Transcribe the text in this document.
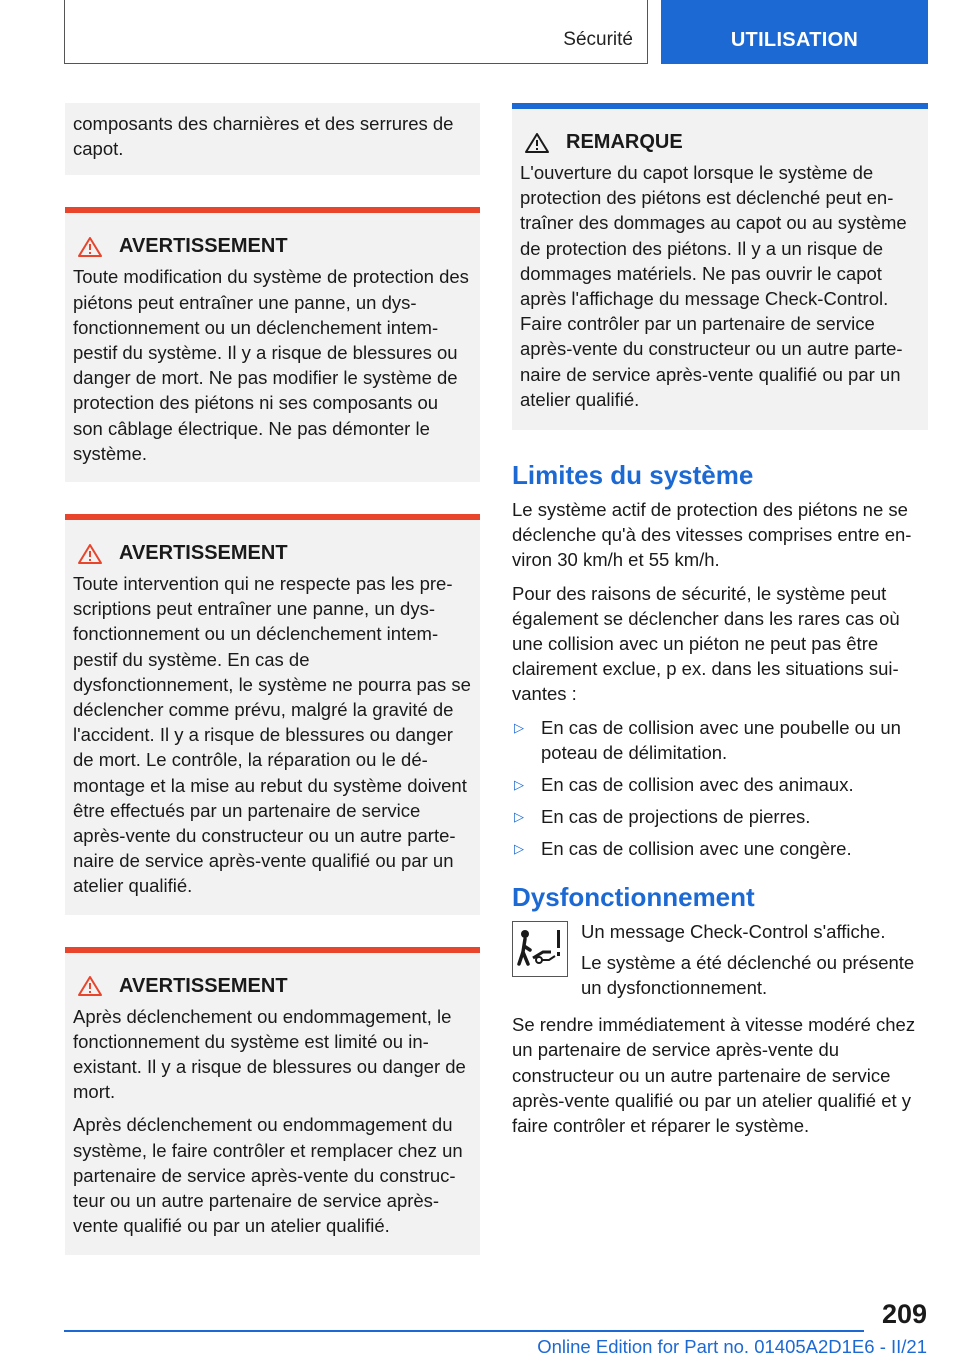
Sécurité	UTILISATION

composants des charnières et des serrures de capot.

AVERTISSEMENT

Toute modification du système de protection des piétons peut entraîner une panne, un dysfonctionnement ou un déclenchement intempestif du système. Il y a risque de blessures ou danger de mort. Ne pas modifier le système de protection des piétons ni ses composants ou son câblage électrique. Ne pas démonter le système.

AVERTISSEMENT

Toute intervention qui ne respecte pas les prescriptions peut entraîner une panne, un dysfonctionnement ou un déclenchement intempestif du système. En cas de dysfonctionnement, le système ne pourra pas se déclencher comme prévu, malgré la gravité de l'accident. Il y a risque de blessures ou danger de mort. Le contrôle, la réparation ou le démontage et la mise au rebut du système doivent être effectués par un partenaire de service après-vente du constructeur ou un autre partenaire de service après-vente qualifié ou par un atelier qualifié.

AVERTISSEMENT

Après déclenchement ou endommagement, le fonctionnement du système est limité ou inexistant. Il y a risque de blessures ou danger de mort.

Après déclenchement ou endommagement du système, le faire contrôler et remplacer chez un partenaire de service après-vente du constructeur ou un autre partenaire de service après-vente qualifié ou par un atelier qualifié.

REMARQUE

L'ouverture du capot lorsque le système de protection des piétons est déclenché peut entraîner des dommages au capot ou au système de protection des piétons. Il y a un risque de dommages matériels. Ne pas ouvrir le capot après l'affichage du message Check-Control. Faire contrôler par un partenaire de service après-vente du constructeur ou un autre partenaire de service après-vente qualifié ou par un atelier qualifié.

Limites du système

Le système actif de protection des piétons ne se déclenche qu'à des vitesses comprises entre environ 30 km/h et 55 km/h.

Pour des raisons de sécurité, le système peut également se déclencher dans les rares cas où une collision avec un piéton ne peut pas être clairement exclue, p ex. dans les situations suivantes :

▷ En cas de collision avec une poubelle ou un poteau de délimitation.
▷ En cas de collision avec des animaux.
▷ En cas de projections de pierres.
▷ En cas de collision avec une congère.
Dysfonctionnement

Un message Check-Control s'affiche.

Le système a été déclenché ou présente un dysfonctionnement.

Se rendre immédiatement à vitesse modéré chez un partenaire de service après-vente du constructeur ou un autre partenaire de service après-vente qualifié ou par un atelier qualifié et y faire contrôler et réparer le système.

209
Online Edition for Part no. 01405A2D1E6 - II/21
